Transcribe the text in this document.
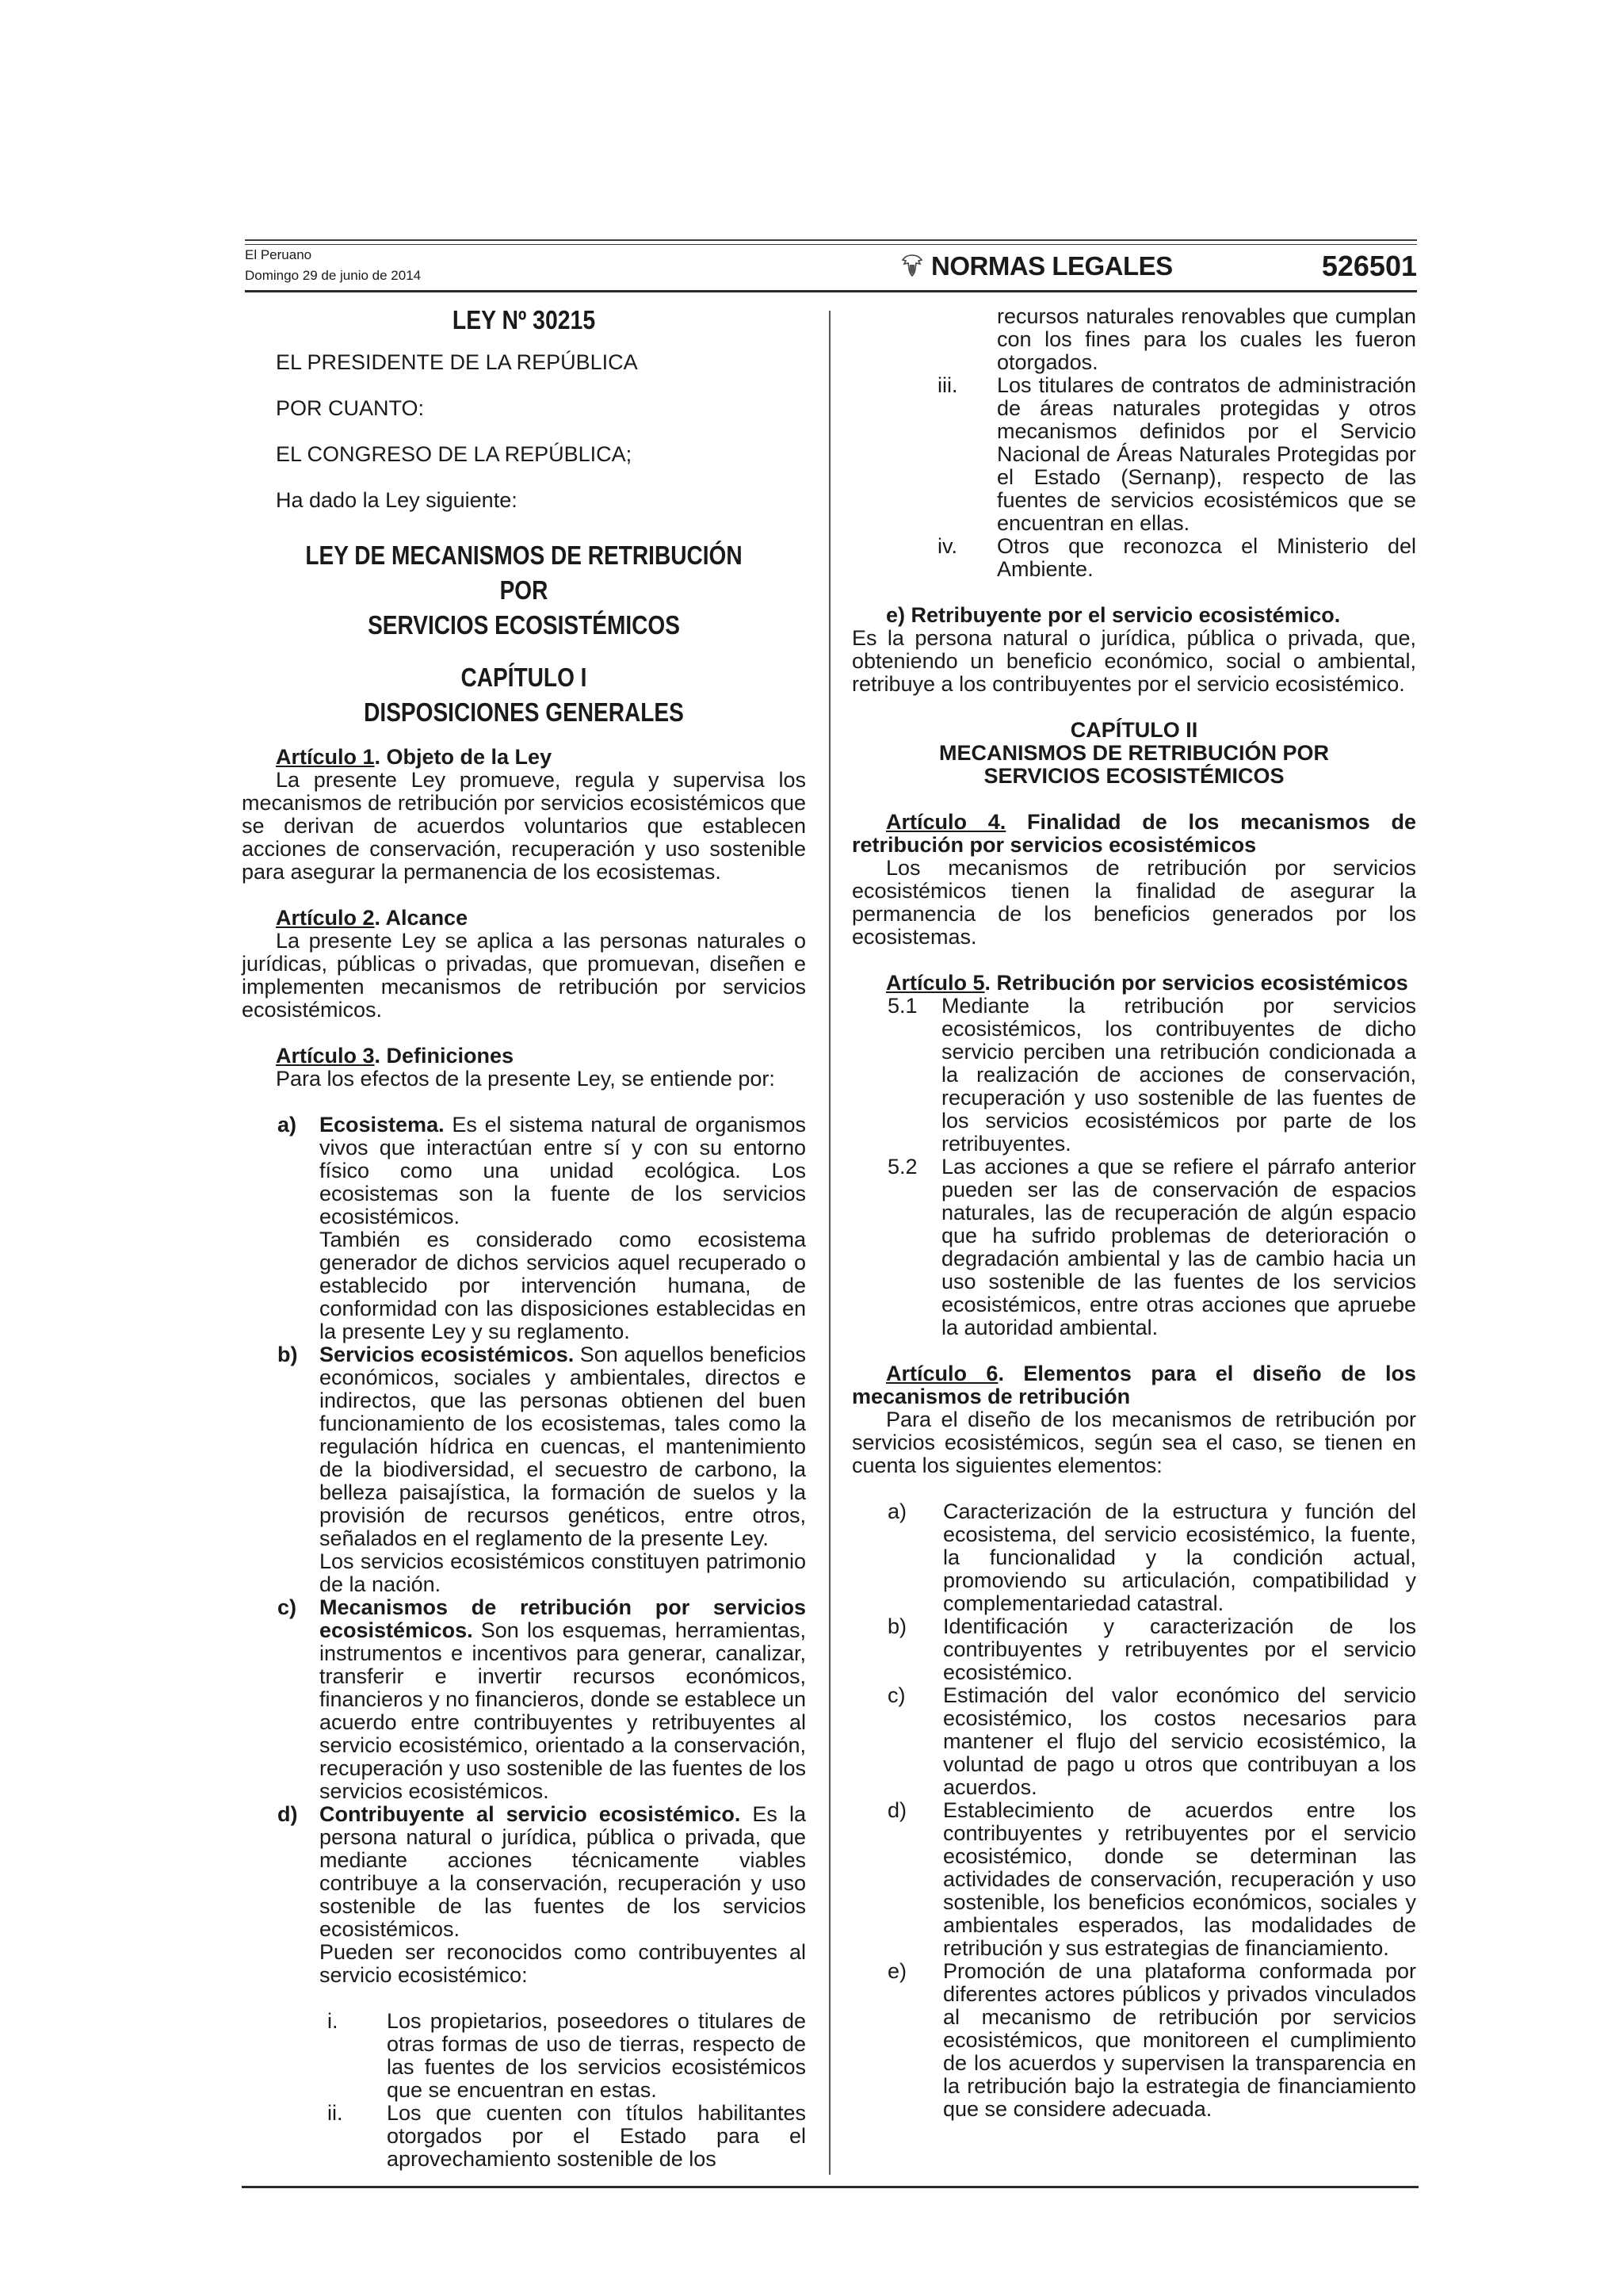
El Peruano
Domingo 29 de junio de 2014	NORMAS LEGALES	526501

LEY Nº 30215

EL PRESIDENTE DE LA REPÚBLICA

POR CUANTO:

EL CONGRESO DE LA REPÚBLICA;

Ha dado la Ley siguiente:

LEY DE MECANISMOS DE RETRIBUCIÓN POR
SERVICIOS ECOSISTÉMICOS

CAPÍTULO I
DISPOSICIONES GENERALES

Artículo 1. Objeto de la Ley

La presente Ley promueve, regula y supervisa los mecanismos de retribución por servicios ecosistémicos que se derivan de acuerdos voluntarios que establecen acciones de conservación, recuperación y uso sostenible para asegurar la permanencia de los ecosistemas.

Artículo 2. Alcance

La presente Ley se aplica a las personas naturales o jurídicas, públicas o privadas, que promuevan, diseñen e implementen mecanismos de retribución por servicios ecosistémicos.

Artículo 3. Definiciones

Para los efectos de la presente Ley, se entiende por:

a) Ecosistema. Es el sistema natural de organismos vivos que interactúan entre sí y con su entorno físico como una unidad ecológica. Los ecosistemas son la fuente de los servicios ecosistémicos.

También es considerado como ecosistema generador de dichos servicios aquel recuperado o establecido por intervención humana, de conformidad con las disposiciones establecidas en la presente Ley y su reglamento.

b) Servicios ecosistémicos. Son aquellos beneficios económicos, sociales y ambientales, directos e indirectos, que las personas obtienen del buen funcionamiento de los ecosistemas, tales como la regulación hídrica en cuencas, el mantenimiento de la biodiversidad, el secuestro de carbono, la belleza paisajística, la formación de suelos y la provisión de recursos genéticos, entre otros, señalados en el reglamento de la presente Ley.

Los servicios ecosistémicos constituyen patrimonio de la nación.

c) Mecanismos de retribución por servicios ecosistémicos. Son los esquemas, herramientas, instrumentos e incentivos para generar, canalizar, transferir e invertir recursos económicos, financieros y no financieros, donde se establece un acuerdo entre contribuyentes y retribuyentes al servicio ecosistémico, orientado a la conservación, recuperación y uso sostenible de las fuentes de los servicios ecosistémicos.

d) Contribuyente al servicio ecosistémico. Es la persona natural o jurídica, pública o privada, que mediante acciones técnicamente viables contribuye a la conservación, recuperación y uso sostenible de las fuentes de los servicios ecosistémicos.

Pueden ser reconocidos como contribuyentes al servicio ecosistémico:

i. Los propietarios, poseedores o titulares de otras formas de uso de tierras, respecto de las fuentes de los servicios ecosistémicos que se encuentran en estas.
ii. Los que cuenten con títulos habilitantes otorgados por el Estado para el aprovechamiento sostenible de los
recursos naturales renovables que cumplan con los fines para los cuales les fueron otorgados.
iii. Los titulares de contratos de administración de áreas naturales protegidas y otros mecanismos definidos por el Servicio Nacional de Áreas Naturales Protegidas por el Estado (Sernanp), respecto de las fuentes de servicios ecosistémicos que se encuentran en ellas.
iv. Otros que reconozca el Ministerio del Ambiente.

e) Retribuyente por el servicio ecosistémico.

Es la persona natural o jurídica, pública o privada, que, obteniendo un beneficio económico, social o ambiental, retribuye a los contribuyentes por el servicio ecosistémico.

CAPÍTULO II
MECANISMOS DE RETRIBUCIÓN POR
SERVICIOS ECOSISTÉMICOS

Artículo 4. Finalidad de los mecanismos de retribución por servicios ecosistémicos

Los mecanismos de retribución por servicios ecosistémicos tienen la finalidad de asegurar la permanencia de los beneficios generados por los ecosistemas.

Artículo 5. Retribución por servicios ecosistémicos

5.1 Mediante la retribución por servicios ecosistémicos, los contribuyentes de dicho servicio perciben una retribución condicionada a la realización de acciones de conservación, recuperación y uso sostenible de las fuentes de los servicios ecosistémicos por parte de los retribuyentes.
5.2 Las acciones a que se refiere el párrafo anterior pueden ser las de conservación de espacios naturales, las de recuperación de algún espacio que ha sufrido problemas de deterioración o degradación ambiental y las de cambio hacia un uso sostenible de las fuentes de los servicios ecosistémicos, entre otras acciones que apruebe la autoridad ambiental.

Artículo 6. Elementos para el diseño de los mecanismos de retribución

Para el diseño de los mecanismos de retribución por servicios ecosistémicos, según sea el caso, se tienen en cuenta los siguientes elementos:

a) Caracterización de la estructura y función del ecosistema, del servicio ecosistémico, la fuente, la funcionalidad y la condición actual, promoviendo su articulación, compatibilidad y complementariedad catastral.
b) Identificación y caracterización de los contribuyentes y retribuyentes por el servicio ecosistémico.
c) Estimación del valor económico del servicio ecosistémico, los costos necesarios para mantener el flujo del servicio ecosistémico, la voluntad de pago u otros que contribuyan a los acuerdos.
d) Establecimiento de acuerdos entre los contribuyentes y retribuyentes por el servicio ecosistémico, donde se determinan las actividades de conservación, recuperación y uso sostenible, los beneficios económicos, sociales y ambientales esperados, las modalidades de retribución y sus estrategias de financiamiento.
e) Promoción de una plataforma conformada por diferentes actores públicos y privados vinculados al mecanismo de retribución por servicios ecosistémicos, que monitoreen el cumplimiento de los acuerdos y supervisen la transparencia en la retribución bajo la estrategia de financiamiento que se considere adecuada.
